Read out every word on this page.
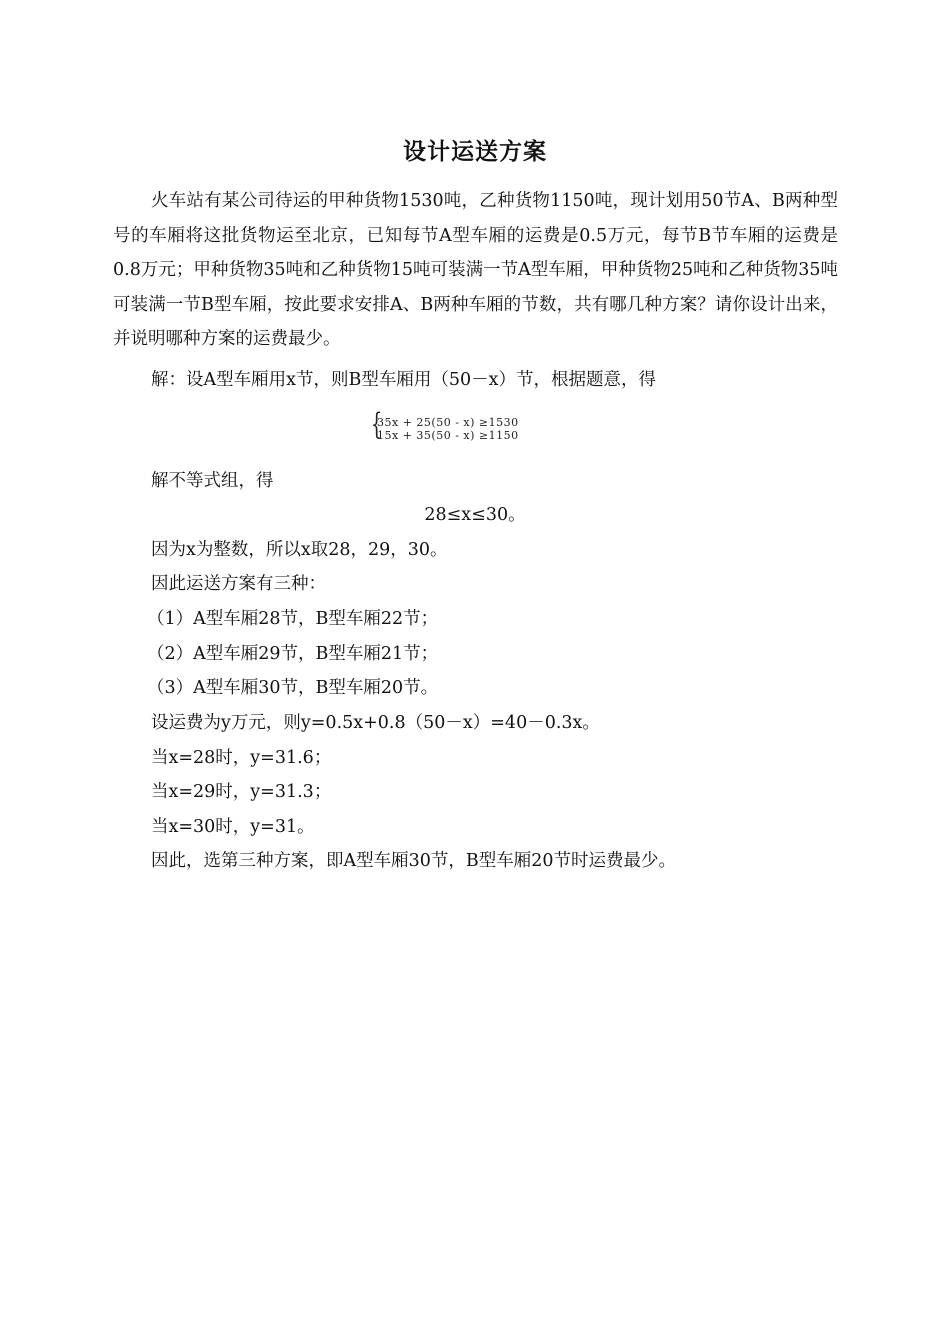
设计运送方案
火车站有某公司待运的甲种货物1530吨，乙种货物1150吨，现计划用50节A、B两种型号的车厢将这批货物运至北京，已知每节A型车厢的运费是0.5万元，每节B节车厢的运费是0.8万元；甲种货物35吨和乙种货物15吨可装满一节A型车厢，甲种货物25吨和乙种货物35吨可装满一节B型车厢，按此要求安排A、B两种车厢的节数，共有哪几种方案？请你设计出来，并说明哪种方案的运费最少。
解：设A型车厢用x节，则B型车厢用（50－x）节，根据题意，得
{
35x + 25(50 - x) ≥1530
15x + 35(50 - x) ≥1150
解不等式组，得
28≤x≤30。
因为x为整数，所以x取28，29，30。
因此运送方案有三种：
（1）A型车厢28节，B型车厢22节；
（2）A型车厢29节，B型车厢21节；
（3）A型车厢30节，B型车厢20节。
设运费为y万元，则y=0.5x+0.8（50－x）=40－0.3x。
当x=28时，y=31.6；
当x=29时，y=31.3；
当x=30时，y=31。
因此，选第三种方案，即A型车厢30节，B型车厢20节时运费最少。
